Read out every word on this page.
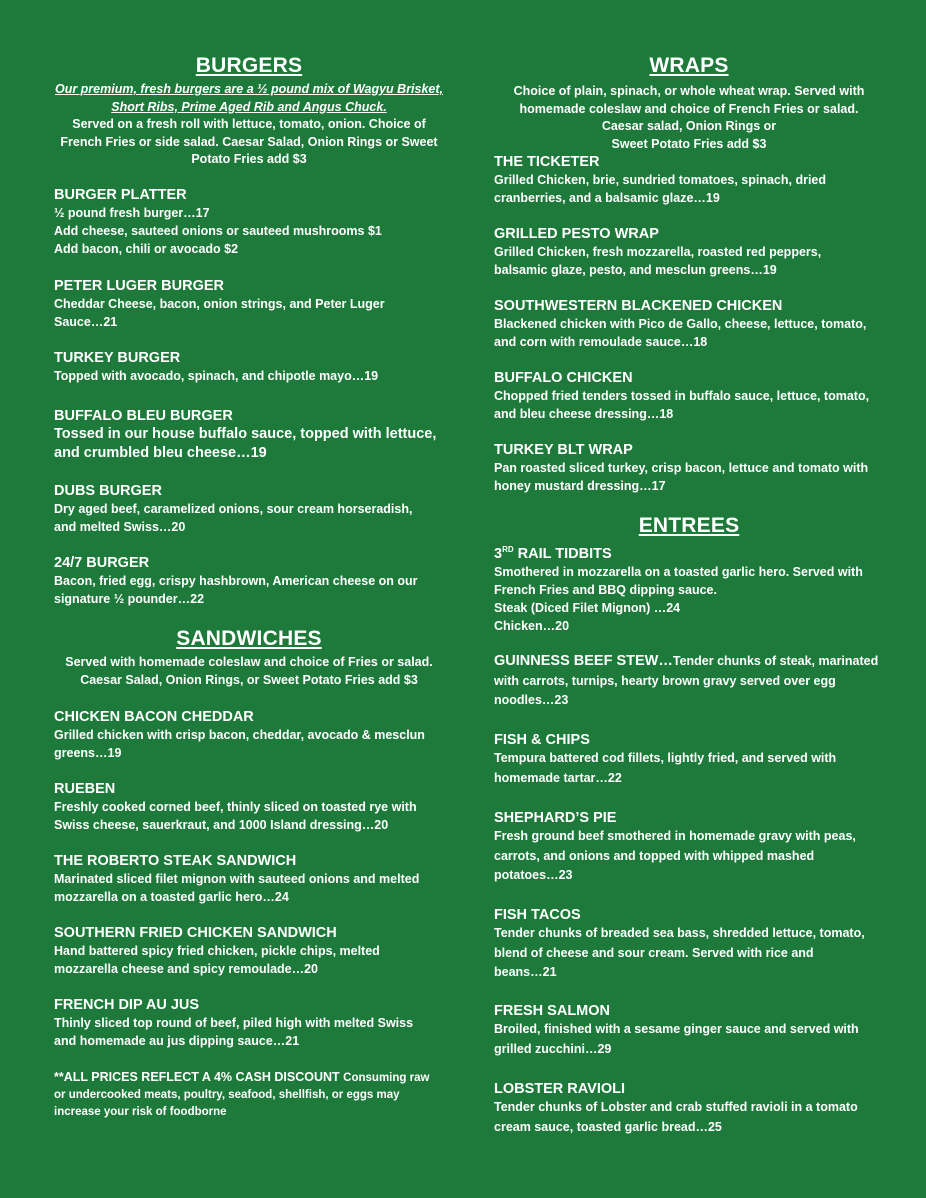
BURGERS
Our premium, fresh burgers are a ½ pound mix of Wagyu Brisket, Short Ribs, Prime Aged Rib and Angus Chuck.
Served on a fresh roll with lettuce, tomato, onion. Choice of
French Fries or side salad. Caesar Salad, Onion Rings or Sweet
Potato Fries add $3
BURGER PLATTER
½ pound fresh burger…17
Add cheese, sauteed onions or sauteed mushrooms $1
Add bacon, chili or avocado $2
PETER LUGER BURGER
Cheddar Cheese, bacon, onion strings, and Peter Luger
Sauce…21
TURKEY BURGER
Topped with avocado, spinach, and chipotle mayo…19
BUFFALO BLEU BURGER
Tossed in our house buffalo sauce, topped with lettuce,
and crumbled bleu cheese…19
DUBS BURGER
Dry aged beef, caramelized onions, sour cream horseradish,
and melted Swiss…20
24/7 BURGER
Bacon, fried egg, crispy hashbrown, American cheese on our
signature ½ pounder…22
SANDWICHES
Served with homemade coleslaw and choice of Fries or salad.
Caesar Salad, Onion Rings, or Sweet Potato Fries add $3
CHICKEN BACON CHEDDAR
Grilled chicken with crisp bacon, cheddar, avocado & mesclun
greens…19
RUEBEN
Freshly cooked corned beef, thinly sliced on toasted rye with
Swiss cheese, sauerkraut, and 1000 Island dressing…20
THE ROBERTO STEAK SANDWICH
Marinated sliced filet mignon with sauteed onions and melted
mozzarella on a toasted garlic hero…24
SOUTHERN FRIED CHICKEN SANDWICH
Hand battered spicy fried chicken, pickle chips, melted
mozzarella cheese and spicy remoulade…20
FRENCH DIP AU JUS
Thinly sliced top round of beef, piled high with melted Swiss
and homemade au jus dipping sauce…21
**ALL PRICES REFLECT A 4% CASH DISCOUNT Consuming raw
or undercooked meats, poultry, seafood, shellfish, or eggs may
increase your risk of foodborne
WRAPS
Choice of plain, spinach, or whole wheat wrap. Served with
homemade coleslaw and choice of French Fries or salad.
Caesar salad, Onion Rings or
Sweet Potato Fries add $3
THE TICKETER
Grilled Chicken, brie, sundried tomatoes, spinach, dried
cranberries, and a balsamic glaze…19
GRILLED PESTO WRAP
Grilled Chicken, fresh mozzarella, roasted red peppers,
balsamic glaze, pesto, and mesclun greens…19
SOUTHWESTERN BLACKENED CHICKEN
Blackened chicken with Pico de Gallo, cheese, lettuce, tomato,
and corn with remoulade sauce…18
BUFFALO CHICKEN
Chopped fried tenders tossed in buffalo sauce, lettuce, tomato,
and bleu cheese dressing…18
TURKEY BLT WRAP
Pan roasted sliced turkey, crisp bacon, lettuce and tomato with
honey mustard dressing…17
ENTREES
3RD RAIL TIDBITS
Smothered in mozzarella on a toasted garlic hero. Served with
French Fries and BBQ dipping sauce.
Steak (Diced Filet Mignon) …24
Chicken…20
GUINNESS BEEF STEW…Tender chunks of steak, marinated
with carrots, turnips, hearty brown gravy served over egg
noodles…23
FISH & CHIPS
Tempura battered cod fillets, lightly fried, and served with
homemade tartar…22
SHEPHARD’S PIE
Fresh ground beef smothered in homemade gravy with peas,
carrots, and onions and topped with whipped mashed
potatoes…23
FISH TACOS
Tender chunks of breaded sea bass, shredded lettuce, tomato,
blend of cheese and sour cream. Served with rice and
beans…21
FRESH SALMON
Broiled, finished with a sesame ginger sauce and served with
grilled zucchini…29
LOBSTER RAVIOLI
Tender chunks of Lobster and crab stuffed ravioli in a tomato
cream sauce, toasted garlic bread…25
